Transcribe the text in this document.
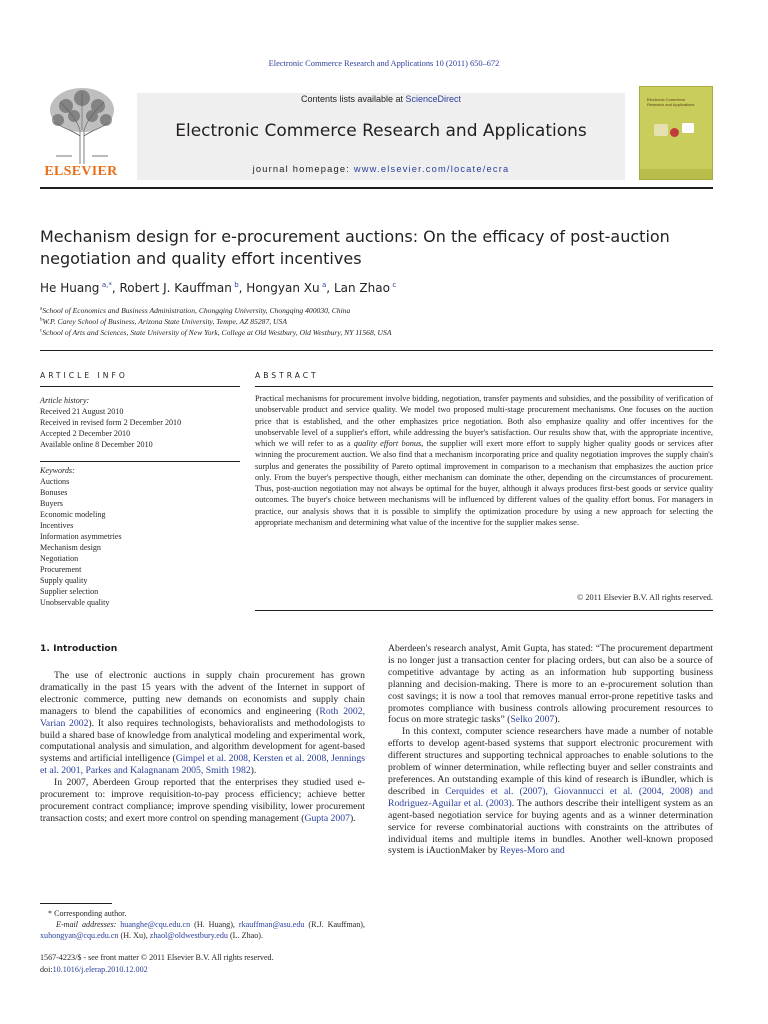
Electronic Commerce Research and Applications 10 (2011) 650–672
ELSEVIER
Contents lists available at ScienceDirect
Electronic Commerce Research and Applications
journal homepage: www.elsevier.com/locate/ecra
Electronic Commerce
Research and Applications
Mechanism design for e-procurement auctions: On the efficacy of post-auction
negotiation and quality effort incentives
He Huang  $^{a,*}$, Robert J. Kauffman  $^b$, Hongyan Xu  $^a$, Lan Zhao  $^c$
$^a$School of Economics and Business Administration, Chongqing University, Chongqing 400030, China
$^b$W.P. Carey School of Business, Arizona State University, Tempe, AZ 85287, USA
$^c$School of Arts and Sciences, State University of New York, College at Old Westbury, Old Westbury, NY 11568, USA
ARTICLE INFO
Article history:
Received 21 August 2010
Received in revised form 2 December 2010
Accepted 2 December 2010
Available online 8 December 2010
Keywords:
Auctions
Bonuses
Buyers
Economic modeling
Incentives
Information asymmetries
Mechanism design
Negotiation
Procurement
Supply quality
Supplier selection
Unobservable quality
ABSTRACT
Practical mechanisms for procurement involve bidding, negotiation, transfer payments and subsidies, and the possibility of verification of unobservable product and service quality. We model two proposed multi-stage procurement mechanisms. One focuses on the auction price that is established, and the other emphasizes price negotiation. Both also emphasize quality and offer incentives for the unobservable level of a supplier's effort, while addressing the buyer's satisfaction. Our results show that, with the appropriate incentive, which we will refer to as a quality effort bonus, the supplier will exert more effort to supply higher quality goods or services after winning the procurement auction. We also find that a mechanism incorporating price and quality negotiation improves the supply chain's surplus and generates the possibility of Pareto optimal improvement in comparison to a mechanism that emphasizes the auction price only. From the buyer's perspective though, either mechanism can dominate the other, depending on the circumstances of procurement. Thus, post-auction negotiation may not always be optimal for the buyer, although it always produces first-best goods or service quality outcomes. The buyer's choice between mechanisms will be influenced by different values of the quality effort bonus. For managers in practice, our analysis shows that it is possible to simplify the optimization procedure by using a new approach for selecting the appropriate mechanism and determining what value of the incentive for the supplier makes sense.
© 2011 Elsevier B.V. All rights reserved.
1. Introduction

The use of electronic auctions in supply chain procurement has grown dramatically in the past 15 years with the advent of the Internet in support of electronic commerce, putting new demands on economists and supply chain managers to blend the capabilities of economics and engineering (Roth 2002, Varian 2002). It also requires technologists, behavioralists and methodologists to build a shared base of knowledge from analytical modeling and experimental work, computational analysis and simulation, and algorithm development for agent-based systems and artificial intelligence (Gimpel et al. 2008, Kersten et al. 2008, Jennings et al. 2001, Parkes and Kalagnanam 2005, Smith 1982).

In 2007, Aberdeen Group reported that the enterprises they studied used e-procurement to: improve requisition-to-pay process efficiency; achieve better procurement contract compliance; improve spending visibility, lower procurement transaction costs; and exert more control on spending management (Gupta 2007).

Aberdeen's research analyst, Amit Gupta, has stated: “The procurement department is no longer just a transaction center for placing orders, but can also be a source of competitive advantage by acting as an information hub supporting business planning and decision-making. There is more to an e-procurement solution than cost savings; it is now a tool that removes manual error-prone repetitive tasks and promotes compliance with business controls allowing procurement resources to focus on more strategic tasks” (Selko 2007).

In this context, computer science researchers have made a number of notable efforts to develop agent-based systems that support electronic procurement with different structures and supporting technical approaches to enable solutions to the problem of winner determination, while reflecting buyer and seller constraints and preferences. An outstanding example of this kind of research is iBundler, which is described in Cerquides et al. (2007), Giovannucci et al. (2004, 2008) and Rodriguez-Aguilar et al. (2003). The authors describe their intelligent system as an agent-based negotiation service for buying agents and as a winner determination service for reverse combinatorial auctions with constraints on the attributes of individual items and multiple items in bundles. Another well-known proposed system is iAuctionMaker by Reyes-Moro and

* Corresponding author.

E-mail addresses: huanghe@cqu.edu.cn (H. Huang), rkauffman@asu.edu (R.J. Kauffman), xuhongyan@cqu.edu.cn (H. Xu), zhaol@oldwestbury.edu (L. Zhao).

1567-4223/$ - see front matter © 2011 Elsevier B.V. All rights reserved.
doi:10.1016/j.elerap.2010.12.002
